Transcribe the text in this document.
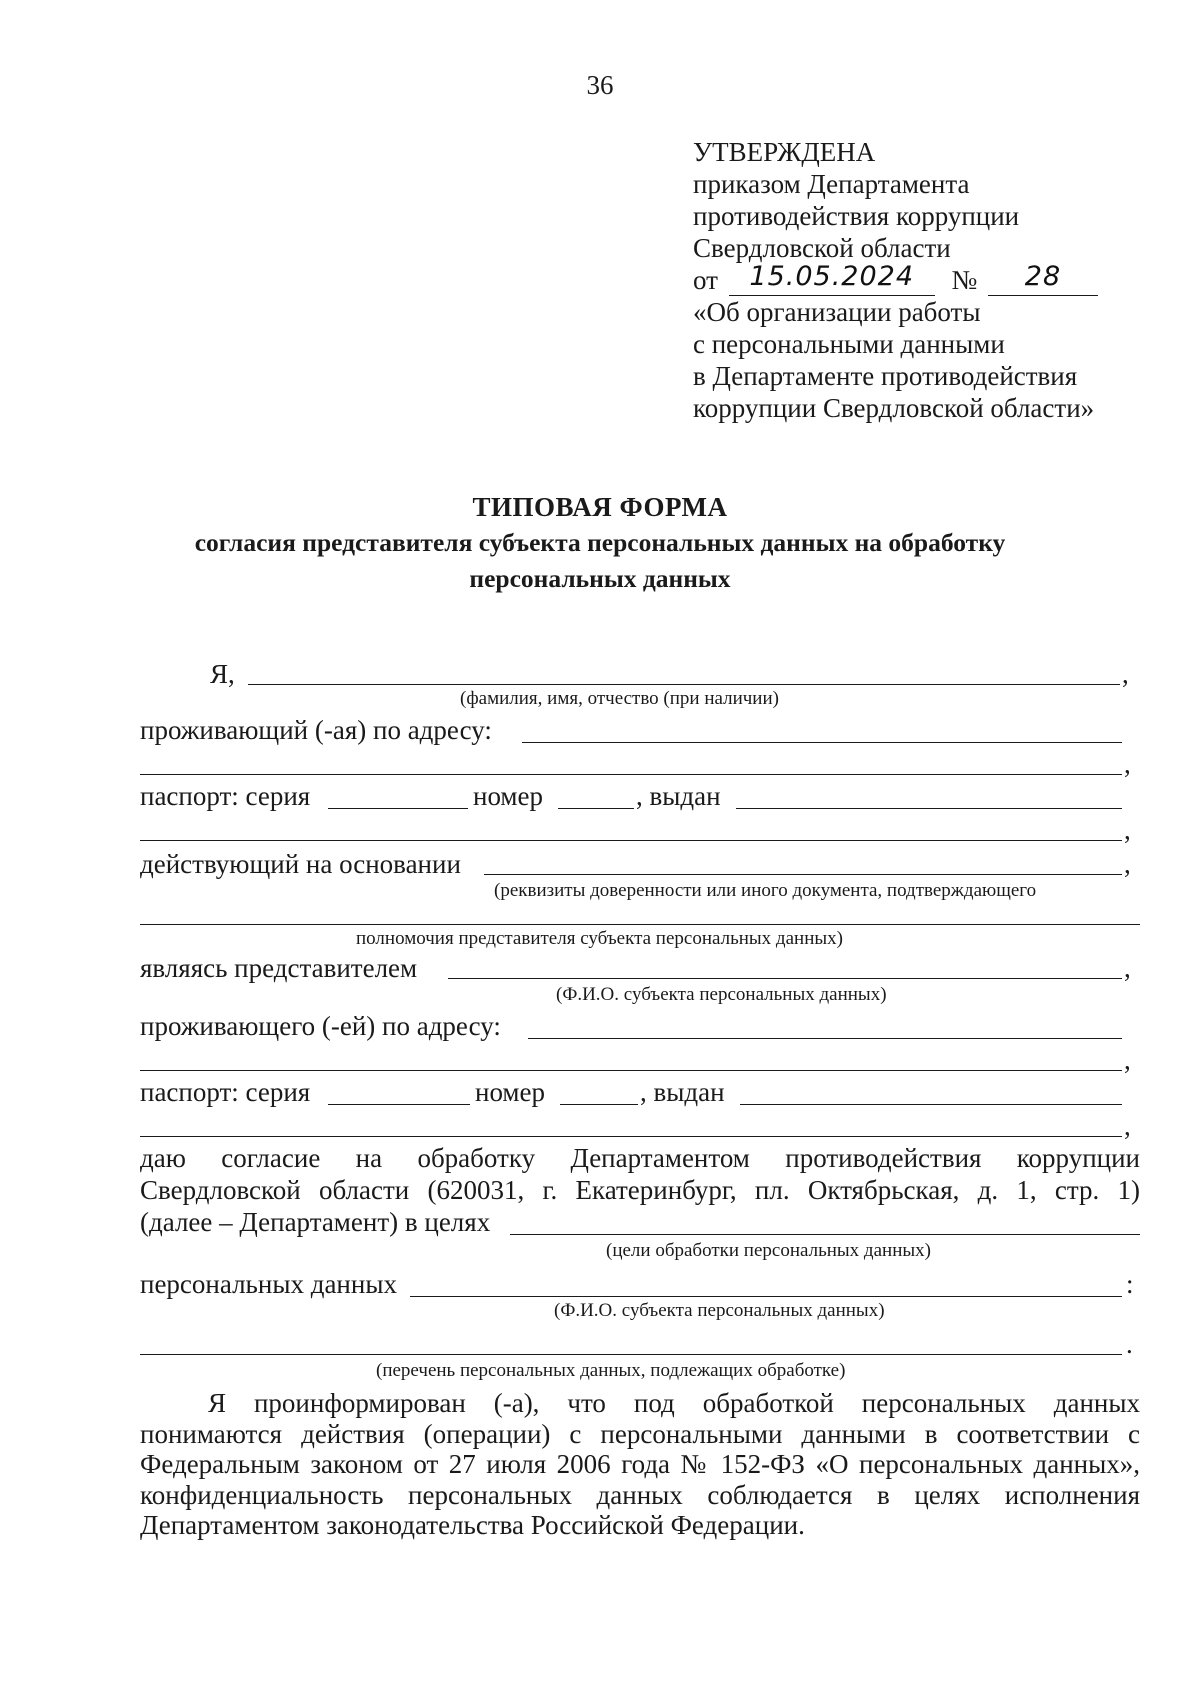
36
УТВЕРЖДЕНА
приказом Департамента
противодействия коррупции
Свердловской области
от	15.05.2024	№	28
«Об организации работы
с персональными данными
в Департаменте противодействия
коррупции Свердловской области»
ТИПОВАЯ ФОРМА
согласия представителя субъекта персональных данных на обработку
персональных данных
Я,	,
(фамилия, имя, отчество (при наличии)
проживающий (-ая) по адресу:
,
паспорт: серия	номер	, выдан
,
действующий на основании	,
(реквизиты доверенности или иного документа, подтверждающего
полномочия представителя субъекта персональных данных)
являясь представителем	,
(Ф.И.О. субъекта персональных данных)
проживающего (-ей) по адресу:
,
паспорт: серия	номер	, выдан
,
даю согласие на обработку Департаментом противодействия коррупции
Свердловской области (620031, г. Екатеринбург, пл. Октябрьская, д. 1, стр. 1)
(далее – Департамент) в целях
(цели обработки персональных данных)
персональных данных	:
(Ф.И.О. субъекта персональных данных)
.
(перечень персональных данных, подлежащих обработке)
Я проинформирован (-а), что под обработкой персональных данных понимаются действия (операции) с персональными данными в соответствии с Федеральным законом от 27 июля 2006 года № 152-ФЗ «О персональных данных», конфиденциальность персональных данных соблюдается в целях исполнения Департаментом законодательства Российской Федерации.
